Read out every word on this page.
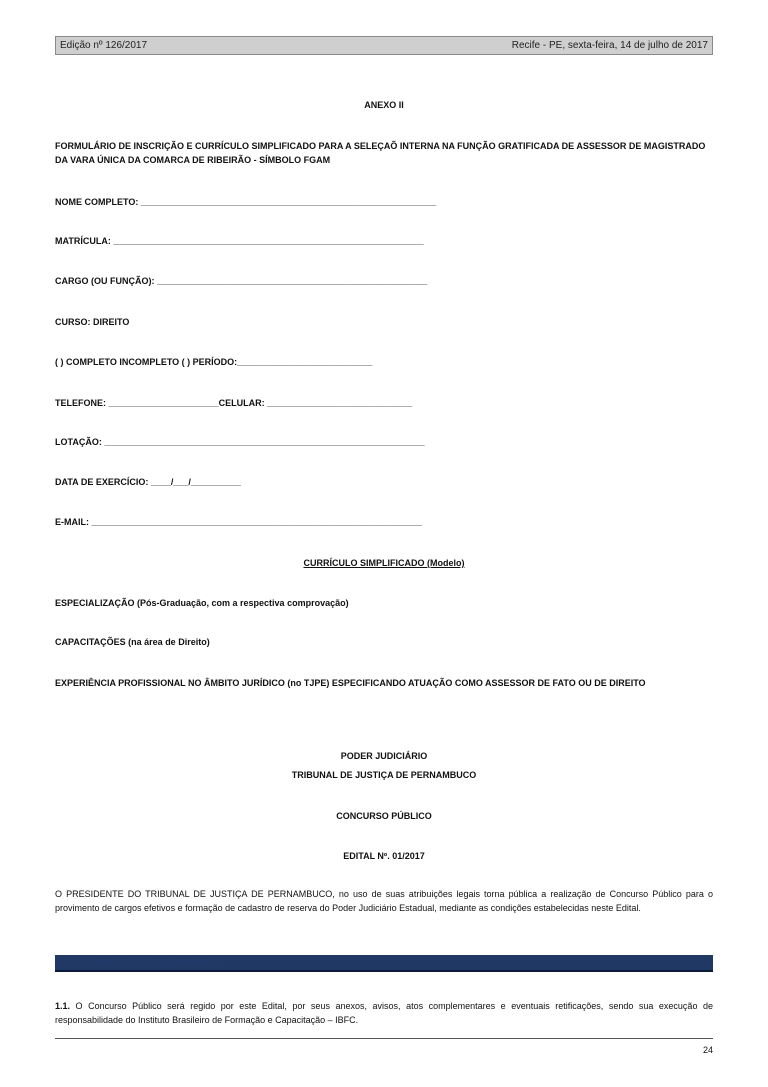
Edição nº 126/2017	Recife - PE, sexta-feira, 14 de julho de 2017
ANEXO II
FORMULÁRIO DE INSCRIÇÃO E CURRÍCULO SIMPLIFICADO PARA A SELEÇAÕ INTERNA NA FUNÇÃO GRATIFICADA DE ASSESSOR DE MAGISTRADO DA VARA ÚNICA DA COMARCA DE RIBEIRÃO - SÍMBOLO FGAM
NOME COMPLETO: ___________________________________________________________
MATRÍCULA: ______________________________________________________________
CARGO (OU FUNÇÃO): ______________________________________________________
CURSO: DIREITO
( ) COMPLETO INCOMPLETO ( ) PERÍODO:___________________________
TELEFONE: ______________________CELULAR: _____________________________
LOTAÇÃO: ________________________________________________________________
DATA DE EXERCÍCIO: ____/___/__________
E-MAIL: __________________________________________________________________
CURRÍCULO SIMPLIFICADO (Modelo)
ESPECIALIZAÇÃO (Pós-Graduação, com a respectiva comprovação)
CAPACITAÇÕES (na área de Direito)
EXPERIÊNCIA PROFISSIONAL NO ÂMBITO JURÍDICO (no TJPE) ESPECIFICANDO ATUAÇÃO COMO ASSESSOR DE FATO OU DE DIREITO
PODER JUDICIÁRIO
TRIBUNAL DE JUSTIÇA DE PERNAMBUCO
CONCURSO PÚBLICO
EDITAL Nº. 01/2017
O PRESIDENTE DO TRIBUNAL DE JUSTIÇA DE PERNAMBUCO, no uso de suas atribuições legais torna pública a realização de Concurso Público para o provimento de cargos efetivos e formação de cadastro de reserva do Poder Judiciário Estadual, mediante as condições estabelecidas neste Edital.
1. DAS DISPOSIÇÕES PRELIMINARES
1.1. O Concurso Público será regido por este Edital, por seus anexos, avisos, atos complementares e eventuais retificações, sendo sua execução de responsabilidade do Instituto Brasileiro de Formação e Capacitação – IBFC.
24
